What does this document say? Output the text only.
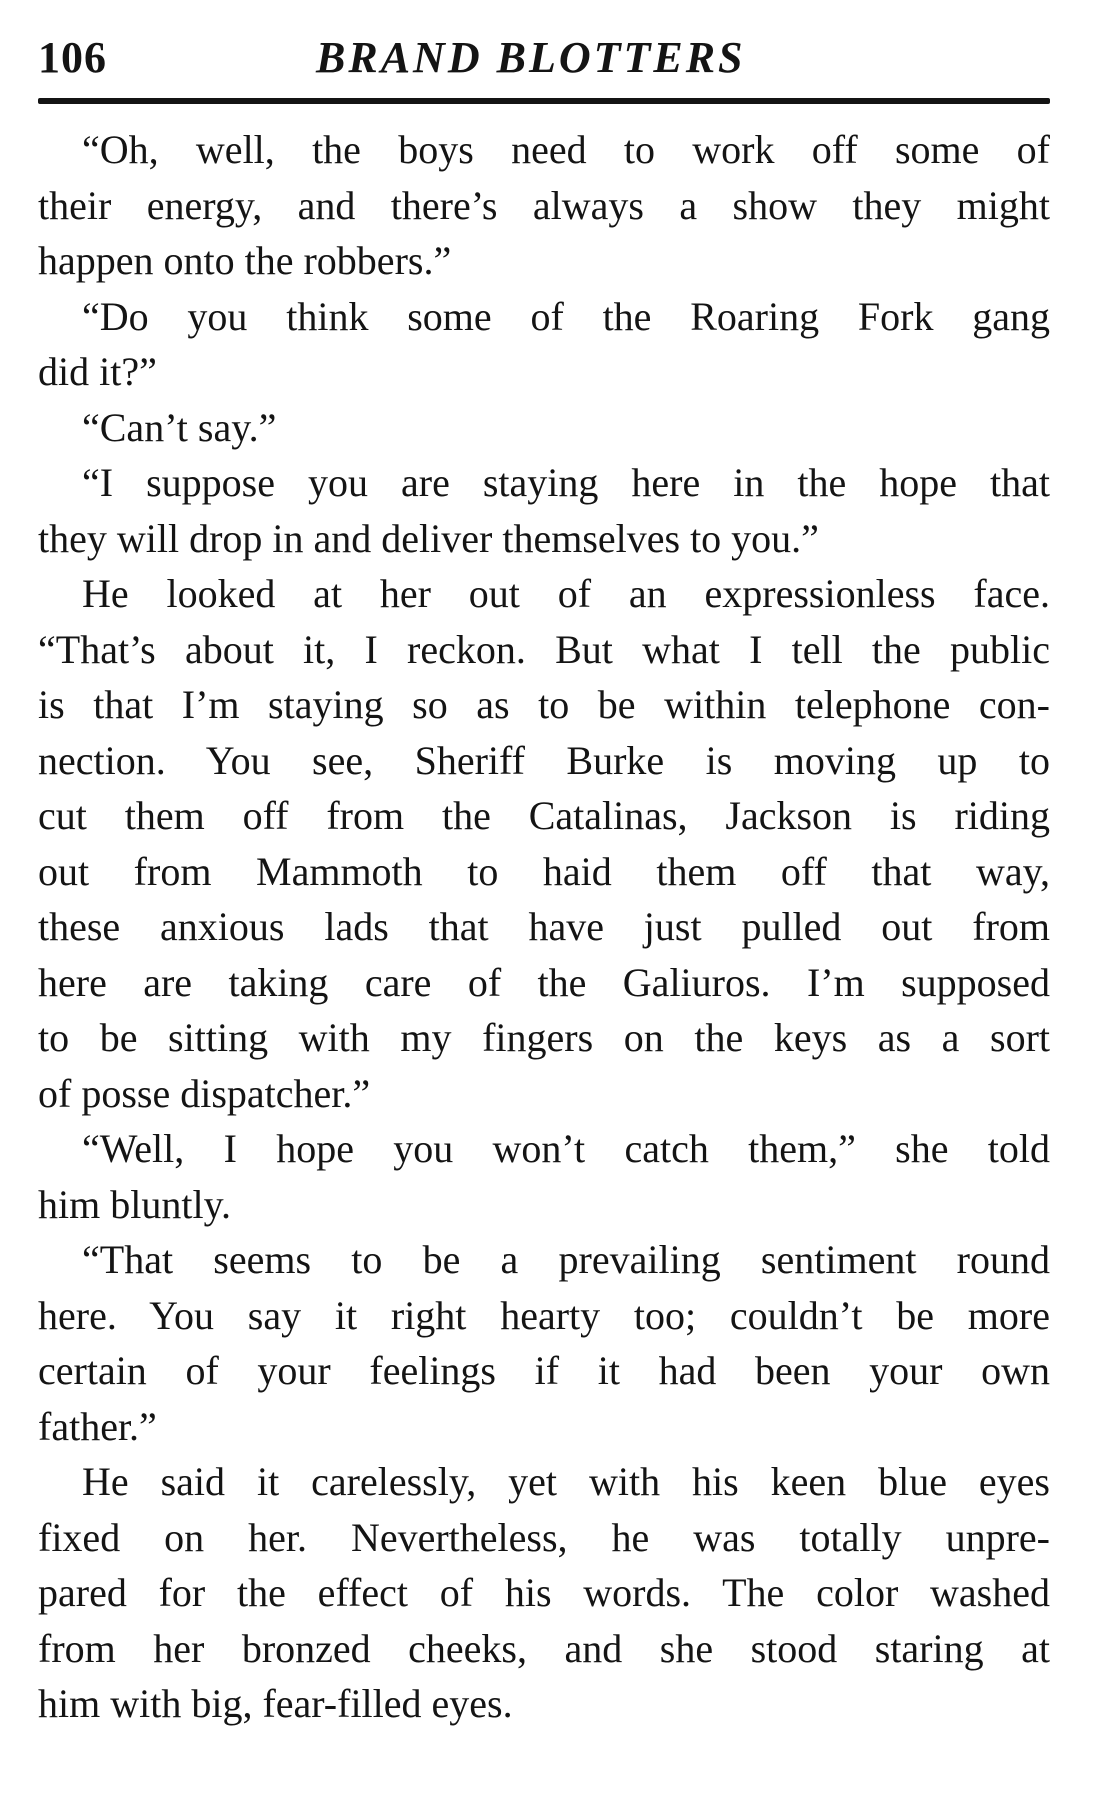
106	BRAND BLOTTERS
“Oh, well, the boys need to work off some of
their energy, and there’s always a show they might
happen onto the robbers.”
“Do you think some of the Roaring Fork gang
did it?”
“Can’t say.”
“I suppose you are staying here in the hope that
they will drop in and deliver themselves to you.”
He looked at her out of an expressionless face.
“That’s about it, I reckon. But what I tell the public
is that I’m staying so as to be within telephone con-
nection. You see, Sheriff Burke is moving up to
cut them off from the Catalinas, Jackson is riding
out from Mammoth to haid them off that way,
these anxious lads that have just pulled out from
here are taking care of the Galiuros. I’m supposed
to be sitting with my fingers on the keys as a sort
of posse dispatcher.”
“Well, I hope you won’t catch them,” she told
him bluntly.
“That seems to be a prevailing sentiment round
here. You say it right hearty too; couldn’t be more
certain of your feelings if it had been your own
father.”
He said it carelessly, yet with his keen blue eyes
fixed on her. Nevertheless, he was totally unpre-
pared for the effect of his words. The color washed
from her bronzed cheeks, and she stood staring at
him with big, fear-filled eyes.
